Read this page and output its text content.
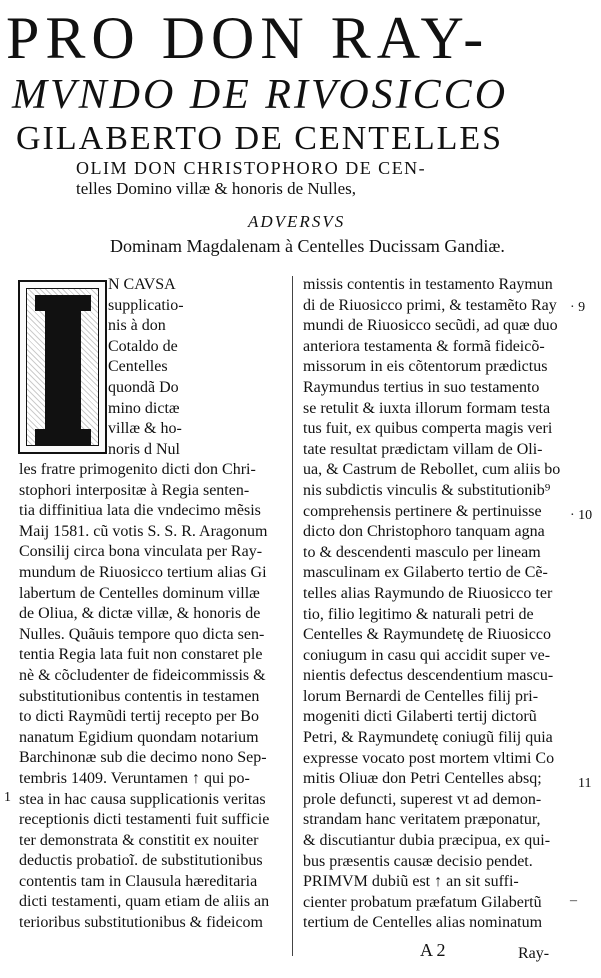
PRO DON RAY-
MVNDO DE RIVOSICCO
GILABERTO DE CENTELLES
OLIM DON CHRISTOPHORO DE CEN-
telles Domino villæ & honoris de Nulles,
ADVERSVS
Dominam Magdalenam à Centelles Ducissam Gandiæ.
N CAVSA
supplicatio-
nis à don
Cotaldo de
Centelles
quondã Do
mino dictæ
villæ & ho-
noris d Nul
les fratre primogenito dicti don Chri-
stophori interpositæ à Regia senten-
tia diffinitiua lata die vndecimo mẽsis
Maij 1581. cũ votis S. S. R. Aragonum
Consilij circa bona vinculata per Ray-
mundum de Riuosicco tertium alias Gi
labertum de Centelles dominum villæ
de Oliua, & dictæ villæ, & honoris de
Nulles. Quãuis tempore quo dicta sen-
tentia Regia lata fuit non constaret ple
nè & cõcludenter de fideicommissis &
substitutionibus contentis in testamen
to dicti Raymũdi tertij recepto per Bo
nanatum Egidium quondam notarium
Barchinonæ sub die decimo nono Sep-
tembris 1409. Veruntamen ↑ qui po-
stea in hac causa supplicationis veritas
receptionis dicti testamenti fuit sufficie
ter demonstrata & constitit ex nouiter
deductis probatioĩ. de substitutionibus
contentis tam in Clausula hæreditaria
dicti testamenti, quam etiam de aliis an
terioribus substitutionibus & fideicom
missis contentis in testamento Raymun
di de Riuosicco primi, & testamẽto Ray
mundi de Riuosicco secũdi, ad quæ duo
anteriora testamenta & formã fideicõ-
missorum in eis cõtentorum prædictus
Raymundus tertius in suo testamento
se retulit & iuxta illorum formam testa
tus fuit, ex quibus comperta magis veri
tate resultat prædictam villam de Oli-
ua, & Castrum de Rebollet, cum aliis bo
nis subdictis vinculis & substitutionib⁹
comprehensis pertinere & pertinuisse
dicto don Christophoro tanquam agna
to & descendenti masculo per lineam
masculinam ex Gilaberto tertio de Cẽ-
telles alias Raymundo de Riuosicco ter
tio, filio legitimo & naturali petri de
Centelles & Raymundetę de Riuosicco
coniugum in casu qui accidit super ve-
nientis defectus descendentium mascu-
lorum Bernardi de Centelles filij pri-
mogeniti dicti Gilaberti tertij dictorũ
Petri, & Raymundetę coniugũ filij quia
expresse vocato post mortem vltimi Co
mitis Oliuæ don Petri Centelles absq;
prole defuncti, superest vt ad demon-
strandam hanc veritatem præponatur,
& discutiantur dubia præcipua, ex qui-
bus præsentis causæ decisio pendet.
PRIMVM dubiũ est ↑ an sit suffi-
cienter probatum præfatum Gilabertũ
tertium de Centelles alias nominatum
· 9
· 10
11
1
¯
A 2	Ray-
